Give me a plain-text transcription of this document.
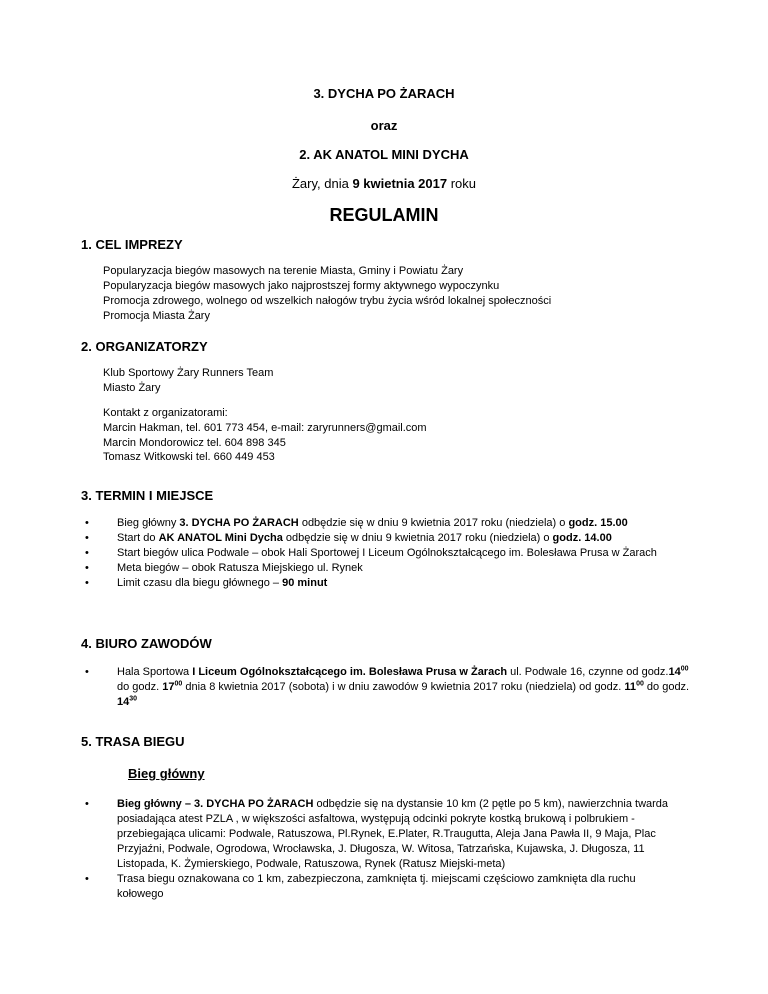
3. DYCHA PO ŻARACH
oraz
2. AK ANATOL MINI DYCHA
Żary, dnia 9 kwietnia 2017 roku
REGULAMIN
1. CEL IMPREZY
Popularyzacja biegów masowych na terenie Miasta, Gminy i Powiatu Żary
Popularyzacja biegów masowych jako najprostszej formy aktywnego wypoczynku
Promocja zdrowego, wolnego od wszelkich nałogów trybu życia wśród lokalnej społeczności
Promocja Miasta Żary
2. ORGANIZATORZY
Klub Sportowy Żary Runners Team
Miasto Żary
Kontakt z organizatorami:
Marcin Hakman, tel. 601 773 454, e-mail: zaryrunners@gmail.com
Marcin Mondorowicz tel. 604 898 345
Tomasz Witkowski tel. 660 449 453
3. TERMIN I MIEJSCE
• Bieg główny 3. DYCHA PO ŻARACH odbędzie się w dniu 9 kwietnia 2017 roku (niedziela) o godz. 15.00
• Start do AK ANATOL Mini Dycha odbędzie się w dniu 9 kwietnia 2017 roku (niedziela) o godz. 14.00
• Start biegów ulica Podwale – obok Hali Sportowej I Liceum Ogólnokształcącego im. Bolesława Prusa w Żarach
• Meta biegów – obok Ratusza Miejskiego ul. Rynek
• Limit czasu dla biegu głównego – 90 minut
4. BIURO ZAWODÓW
• Hala Sportowa I Liceum Ogólnokształcącego im. Bolesława Prusa w Żarach ul. Podwale 16, czynne od $godz.14^{00}$ do godz. $17^{00}$ dnia 8 kwietnia 2017 (sobota) i w dniu zawodów 9 kwietnia 2017 roku (niedziela) od godz. $11^{00}$ do godz. $14^{30}$
5. TRASA BIEGU
Bieg główny
• Bieg główny – 3. DYCHA PO ŻARACH odbędzie się na dystansie 10 km (2 pętle po 5 km), nawierzchnia twarda posiadająca atest PZLA , w większości asfaltowa, występują odcinki pokryte kostką brukową i polbrukiem - przebiegająca ulicami: Podwale, Ratuszowa, Pl.Rynek, E.Plater, R.Traugutta, Aleja Jana Pawła II, 9 Maja, Plac Przyjaźni, Podwale, Ogrodowa, Wrocławska, J. Długosza, W. Witosa, Tatrzańska, Kujawska, J. Długosza, 11 Listopada, K. Żymierskiego, Podwale, Ratuszowa, Rynek (Ratusz Miejski-meta)
• Trasa biegu oznakowana co 1 km, zabezpieczona, zamknięta tj. miejscami częściowo zamknięta dla ruchu kołowego
